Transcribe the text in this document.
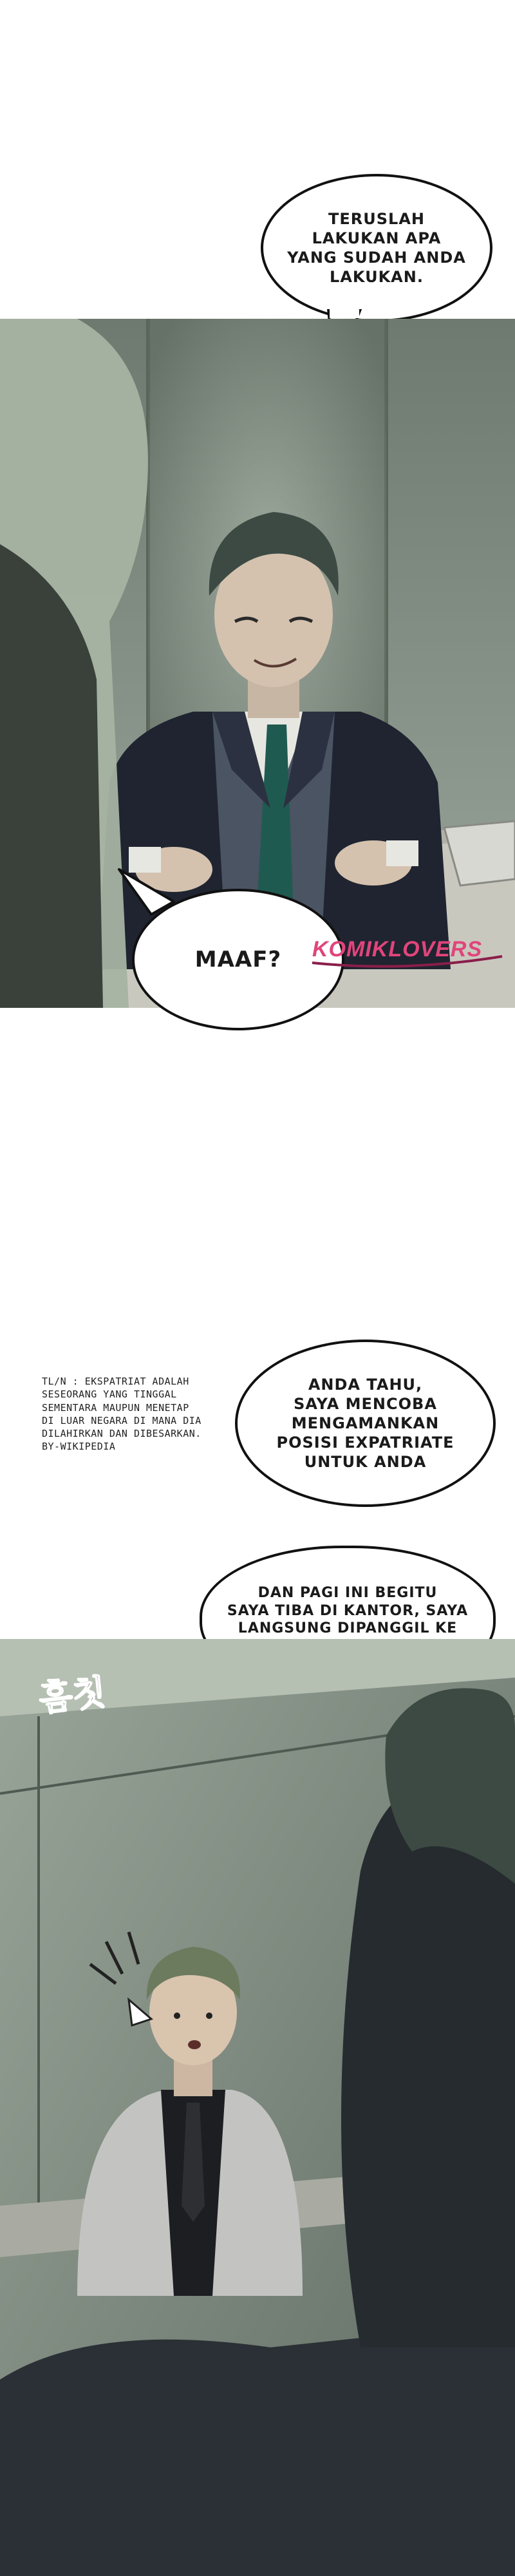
TERUSLAH
LAKUKAN APA
YANG SUDAH ANDA
LAKUKAN.
MAAF?	KOMIKLOVERS
TL/N : EKSPATRIAT ADALAH
SESEORANG YANG TINGGAL
SEMENTARA MAUPUN MENETAP
DI LUAR NEGARA DI MANA DIA
DILAHIRKAN DAN DIBESARKAN.
BY-WIKIPEDIA
ANDA TAHU,
SAYA MENCOBA
MENGAMANKAN
POSISI EXPATRIATE
UNTUK ANDA
DAN PAGI INI BEGITU
SAYA TIBA DI KANTOR, SAYA
LANGSUNG DIPANGGIL KE

흠칫
